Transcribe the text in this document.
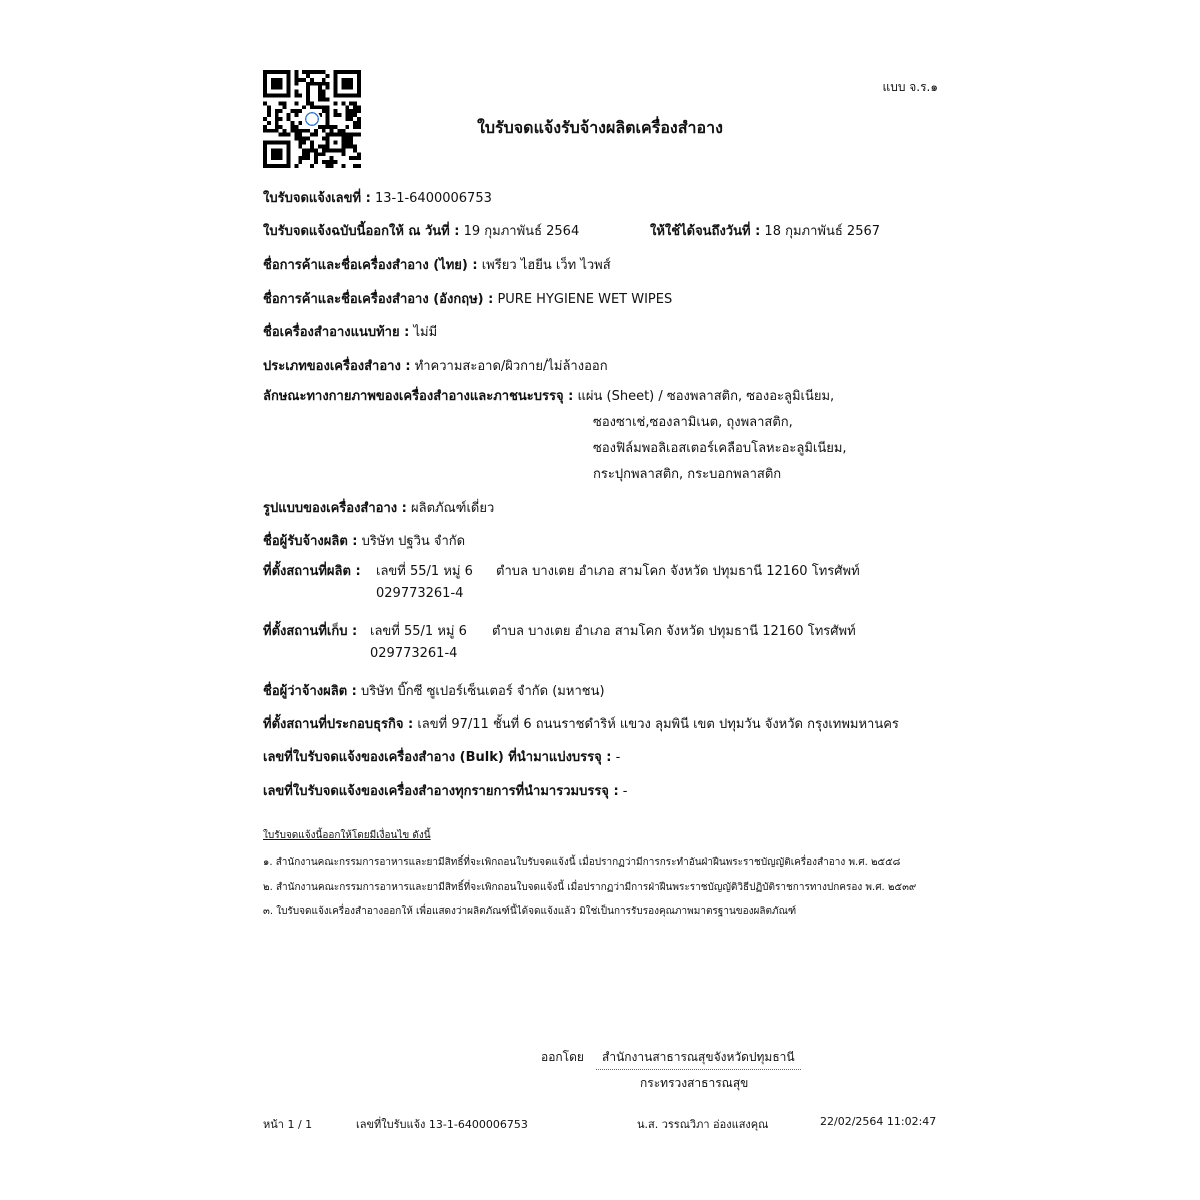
แบบ จ.ร.๑
ใบรับจดแจ้งรับจ้างผลิตเครื่องสำอาง
ใบรับจดแจ้งเลขที่ : 13-1-6400006753
ใบรับจดแจ้งฉบับนี้ออกให้ ณ วันที่ : 19 กุมภาพันธ์ 2564	ให้ใช้ได้จนถึงวันที่ : 18 กุมภาพันธ์ 2567
ชื่อการค้าและชื่อเครื่องสำอาง (ไทย) : เพรียว ไฮยีน เว็ท ไวพส์
ชื่อการค้าและชื่อเครื่องสำอาง (อังกฤษ) : PURE HYGIENE WET WIPES
ชื่อเครื่องสำอางแนบท้าย : ไม่มี
ประเภทของเครื่องสำอาง : ทำความสะอาด/ผิวกาย/ไม่ล้างออก
ลักษณะทางกายภาพของเครื่องสำอางและภาชนะบรรจุ : แผ่น (Sheet) / ซองพลาสติก, ซองอะลูมิเนียม,
ซองซาเช่,ซองลามิเนต, ถุงพลาสติก,
ซองฟิล์มพอลิเอสเตอร์เคลือบโลหะอะลูมิเนียม,
กระปุกพลาสติก, กระบอกพลาสติก
รูปแบบของเครื่องสำอาง : ผลิตภัณฑ์เดี่ยว
ชื่อผู้รับจ้างผลิต : บริษัท ปฐวิน จำกัด
ที่ตั้งสถานที่ผลิต : เลขที่ 55/1 หมู่ 6 ตำบล บางเตย อำเภอ สามโคก จังหวัด ปทุมธานี 12160 โทรศัพท์
029773261-4
ที่ตั้งสถานที่เก็บ : เลขที่ 55/1 หมู่ 6 ตำบล บางเตย อำเภอ สามโคก จังหวัด ปทุมธานี 12160 โทรศัพท์
029773261-4
ชื่อผู้ว่าจ้างผลิต : บริษัท บิ๊กซี ซูเปอร์เซ็นเตอร์ จำกัด (มหาชน)
ที่ตั้งสถานที่ประกอบธุรกิจ : เลขที่ 97/11 ชั้นที่ 6 ถนนราชดำริห์ แขวง ลุมพินี เขต ปทุมวัน จังหวัด กรุงเทพมหานคร
เลขที่ใบรับจดแจ้งของเครื่องสำอาง (Bulk) ที่นำมาแบ่งบรรจุ : -
เลขที่ใบรับจดแจ้งของเครื่องสำอางทุกรายการที่นำมารวมบรรจุ : -
ใบรับจดแจ้งนี้ออกให้โดยมีเงื่อนไข ดังนี้
๑. สำนักงานคณะกรรมการอาหารและยามีสิทธิ์ที่จะเพิกถอนใบรับจดแจ้งนี้ เมื่อปรากฏว่ามีการกระทำอันฝ่าฝืนพระราชบัญญัติเครื่องสำอาง พ.ศ. ๒๕๕๘
๒. สำนักงานคณะกรรมการอาหารและยามีสิทธิ์ที่จะเพิกถอนใบจดแจ้งนี้ เมื่อปรากฏว่ามีการฝ่าฝืนพระราชบัญญัติวิธีปฏิบัติราชการทางปกครอง พ.ศ. ๒๕๓๙
๓. ใบรับจดแจ้งเครื่องสำอางออกให้ เพื่อแสดงว่าผลิตภัณฑ์นี้ได้จดแจ้งแล้ว มิใช่เป็นการรับรองคุณภาพมาตรฐานของผลิตภัณฑ์
ออกโดย	สำนักงานสาธารณสุขจังหวัดปทุมธานี
กระทรวงสาธารณสุข
หน้า 1 / 1	เลขที่ใบรับแจ้ง 13-1-6400006753	น.ส. วรรณวิภา อ่องแสงคุณ	22/02/2564 11:02:47
